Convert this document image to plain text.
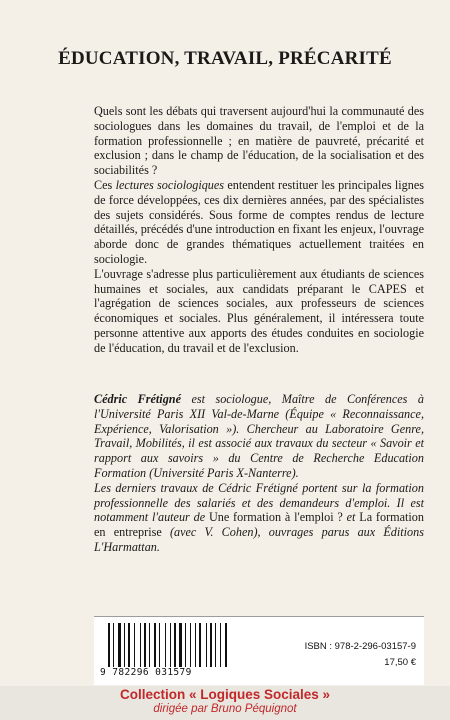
ÉDUCATION, TRAVAIL, PRÉCARITÉ

Quels sont les débats qui traversent aujourd'hui la communauté des sociologues dans les domaines du travail, de l'emploi et de la formation professionnelle ; en matière de pauvreté, précarité et exclusion ; dans le champ de l'éducation, de la socialisation et des sociabilités ?

Ces lectures sociologiques entendent restituer les principales lignes de force développées, ces dix dernières années, par des spécialistes des sujets considérés. Sous forme de comptes rendus de lecture détaillés, précédés d'une introduction en fixant les enjeux, l'ouvrage aborde donc de grandes thématiques actuellement traitées en sociologie.

L'ouvrage s'adresse plus particulièrement aux étudiants de sciences humaines et sociales, aux candidats préparant le CAPES et l'agrégation de sciences sociales, aux professeurs de sciences économiques et sociales. Plus généralement, il intéressera toute personne attentive aux apports des études conduites en sociologie de l'éducation, du travail et de l'exclusion.

Cédric Frétigné est sociologue, Maître de Conférences à l'Université Paris XII Val-de-Marne (Équipe « Reconnaissance, Expérience, Valorisation »). Chercheur au Laboratoire Genre, Travail, Mobilités, il est associé aux travaux du secteur « Savoir et rapport aux savoirs » du Centre de Recherche Education Formation (Université Paris X-Nanterre).

Les derniers travaux de Cédric Frétigné portent sur la formation professionnelle des salariés et des demandeurs d'emploi. Il est notamment l'auteur de Une formation à l'emploi ? et La formation en entreprise (avec V. Cohen), ouvrages parus aux Éditions L'Harmattan.

9 782296 031579
ISBN : 978-2-296-03157-9
17,50 €
Collection « Logiques Sociales »
dirigée par Bruno Péquignot
